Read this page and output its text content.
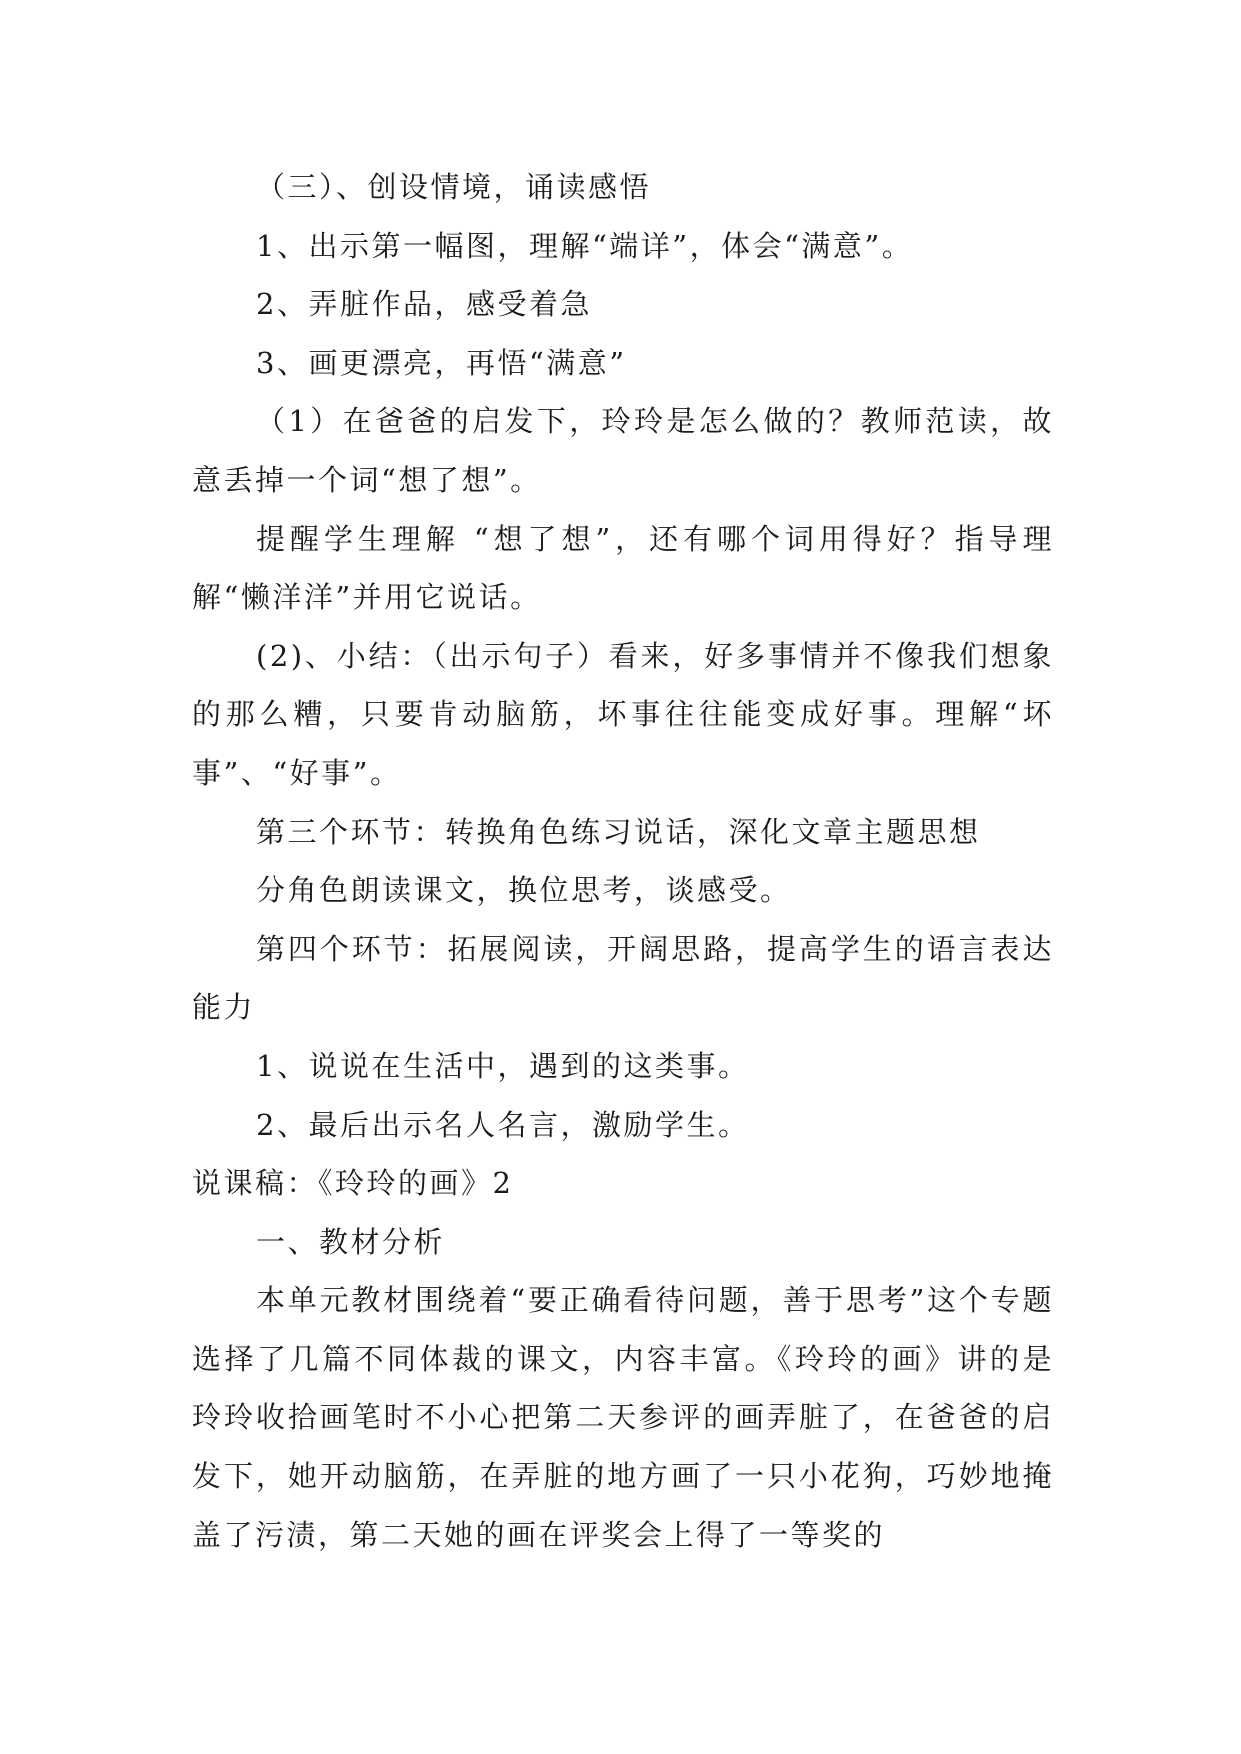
（三）、创设情境，诵读感悟

1、出示第一幅图，理解“端详”，体会“满意”。

2、弄脏作品，感受着急

3、画更漂亮，再悟“满意”

（1）在爸爸的启发下，玲玲是怎么做的？教师范读，故意丢掉一个词“想了想”。

提醒学生理解 “想了想”，还有哪个词用得好？指导理解“懒洋洋”并用它说话。

(2)、小结：（出示句子）看来，好多事情并不像我们想象的那么糟，只要肯动脑筋，坏事往往能变成好事。理解“坏事”、“好事”。

第三个环节：转换角色练习说话，深化文章主题思想

分角色朗读课文，换位思考，谈感受。

第四个环节：拓展阅读，开阔思路，提高学生的语言表达能力

1、说说在生活中，遇到的这类事。

2、最后出示名人名言，激励学生。

说课稿：《玲玲的画》2

一、教材分析

本单元教材围绕着“要正确看待问题，善于思考”这个专题选择了几篇不同体裁的课文，内容丰富。《玲玲的画》讲的是玲玲收拾画笔时不小心把第二天参评的画弄脏了，在爸爸的启发下，她开动脑筋，在弄脏的地方画了一只小花狗，巧妙地掩盖了污渍，第二天她的画在评奖会上得了一等奖的
